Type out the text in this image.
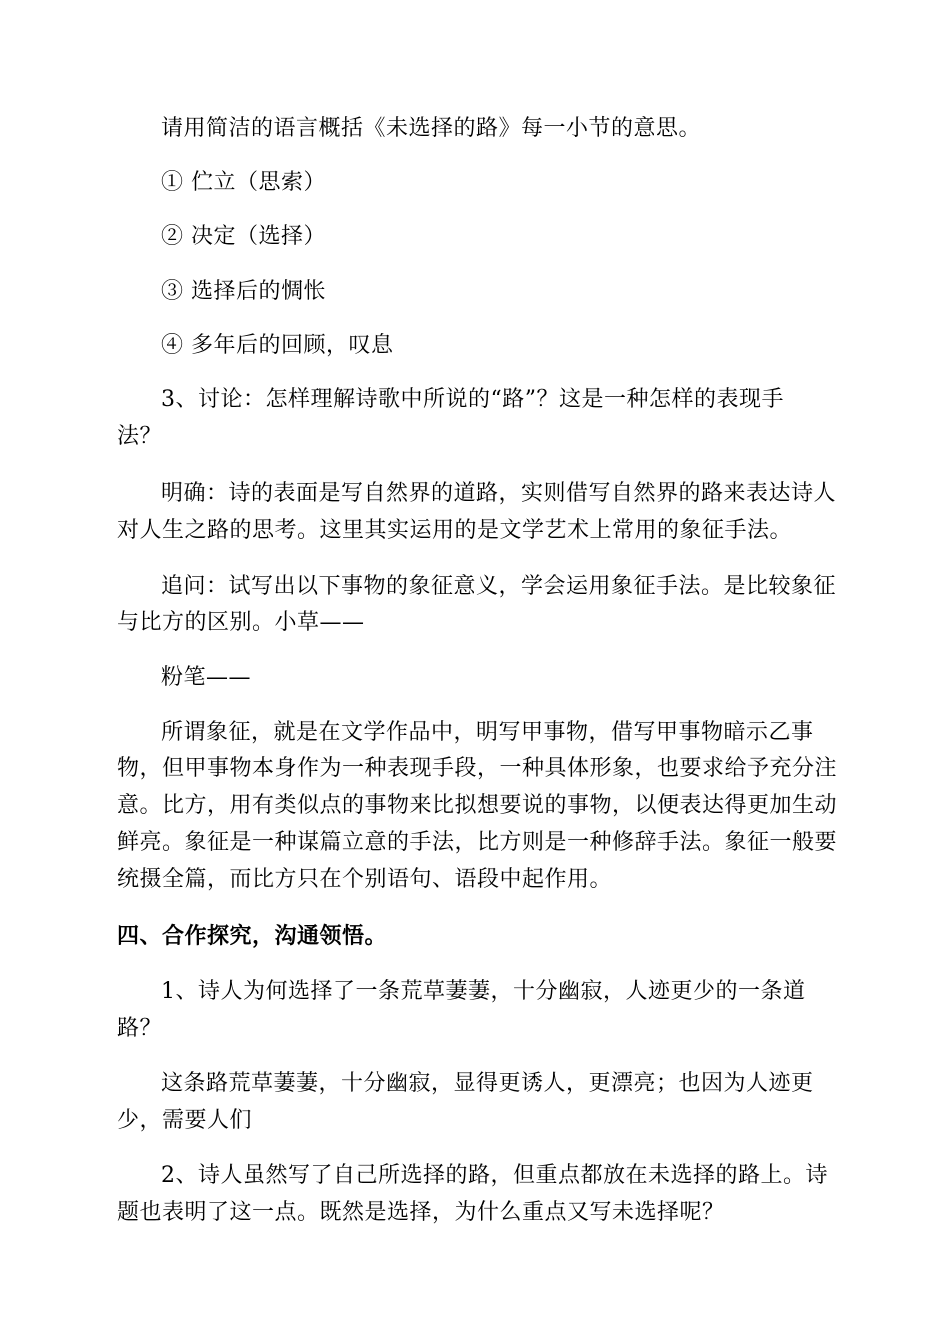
请用简洁的语言概括《未选择的路》每一小节的意思。
① 伫立（思索）
② 决定（选择）
③ 选择后的惆怅
④ 多年后的回顾，叹息
3、讨论：怎样理解诗歌中所说的“路”？这是一种怎样的表现手
法？
明确：诗的表面是写自然界的道路，实则借写自然界的路来表达诗人
对人生之路的思考。这里其实运用的是文学艺术上常用的象征手法。
追问：试写出以下事物的象征意义，学会运用象征手法。是比较象征
与比方的区别。小草——
粉笔——
所谓象征，就是在文学作品中，明写甲事物，借写甲事物暗示乙事
物，但甲事物本身作为一种表现手段，一种具体形象，也要求给予充分注
意。比方，用有类似点的事物来比拟想要说的事物，以便表达得更加生动
鲜亮。象征是一种谋篇立意的手法，比方则是一种修辞手法。象征一般要
统摄全篇，而比方只在个别语句、语段中起作用。
四、合作探究，沟通领悟。
1、诗人为何选择了一条荒草萋萋，十分幽寂，人迹更少的一条道
路？
这条路荒草萋萋，十分幽寂，显得更诱人，更漂亮；也因为人迹更
少，需要人们
2、诗人虽然写了自己所选择的路，但重点都放在未选择的路上。诗
题也表明了这一点。既然是选择，为什么重点又写未选择呢？
